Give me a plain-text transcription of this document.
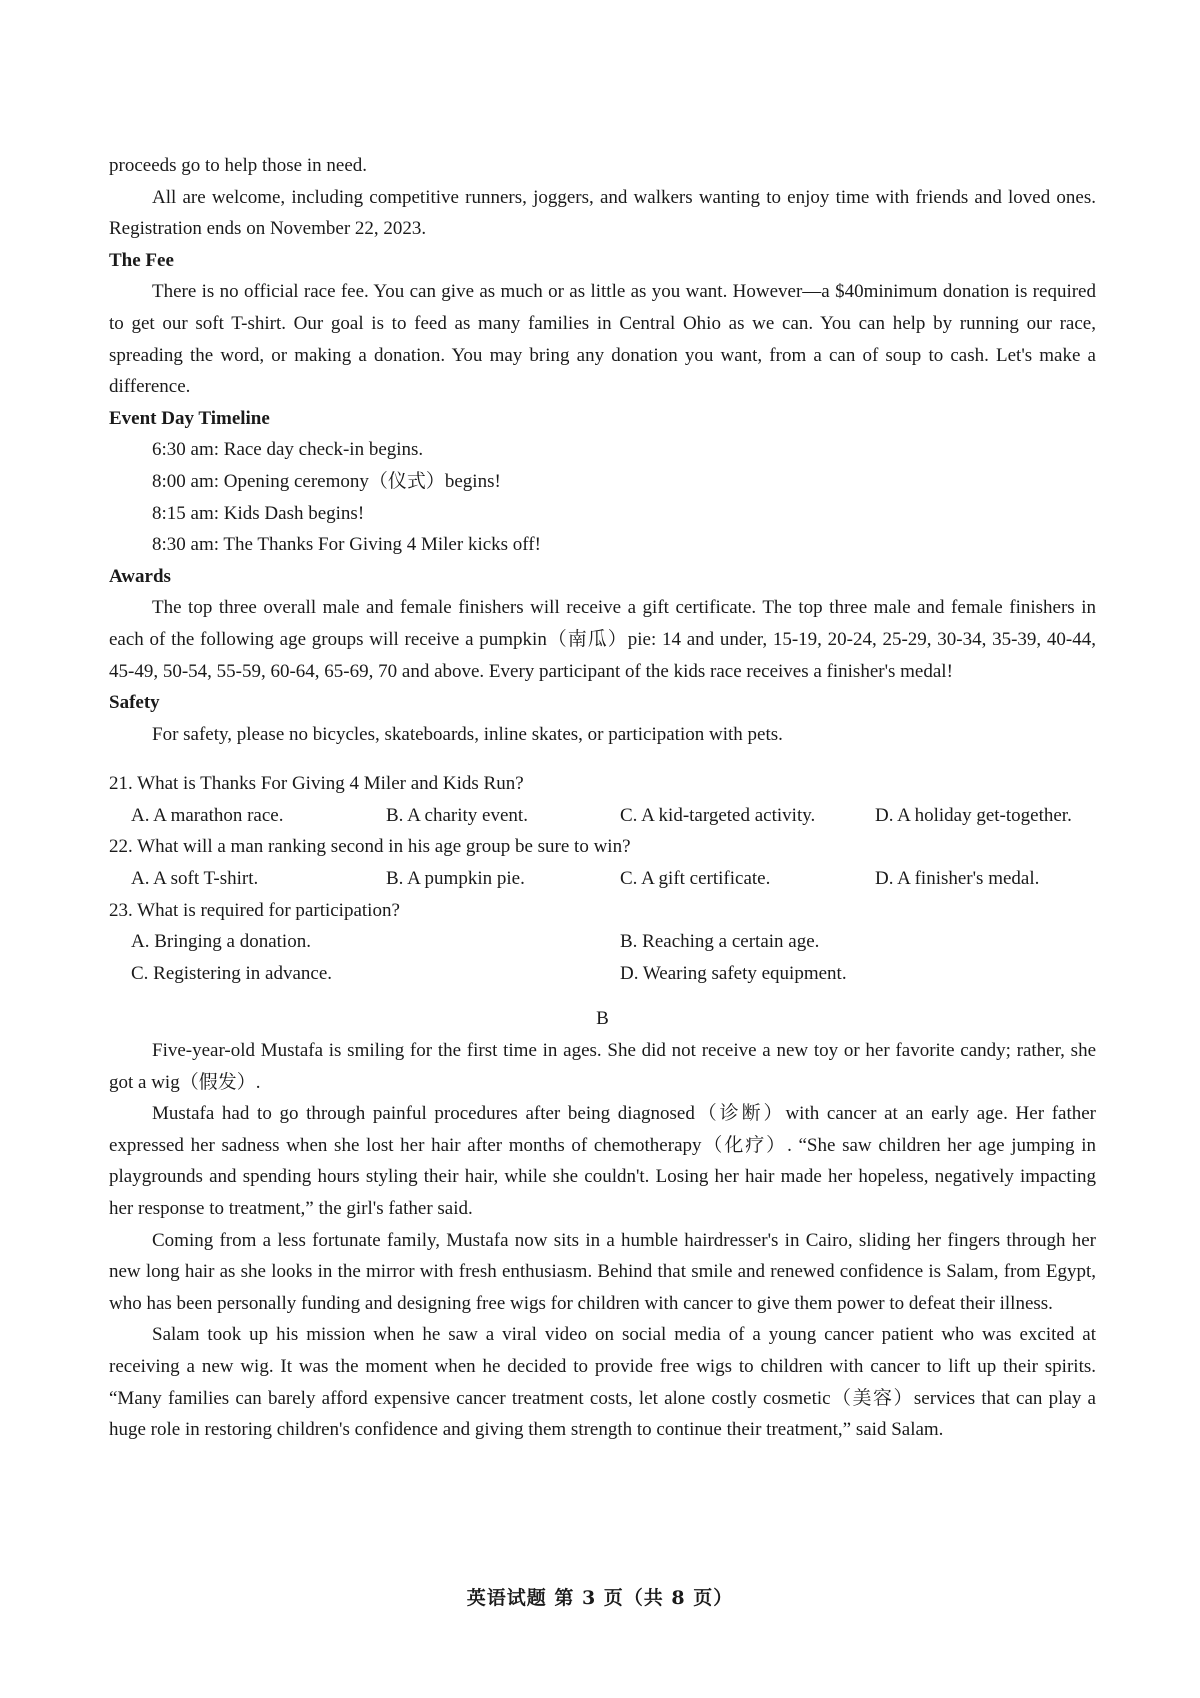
proceeds go to help those in need.

All are welcome, including competitive runners, joggers, and walkers wanting to enjoy time with friends and loved ones. Registration ends on November 22, 2023.

The Fee

There is no official race fee. You can give as much or as little as you want. However—a $40minimum donation is required to get our soft T-shirt. Our goal is to feed as many families in Central Ohio as we can. You can help by running our race, spreading the word, or making a donation. You may bring any donation you want, from a can of soup to cash. Let's make a difference.

Event Day Timeline
6:30 am: Race day check-in begins.
8:00 am: Opening ceremony（仪式）begins!
8:15 am: Kids Dash begins!
8:30 am: The Thanks For Giving 4 Miler kicks off!
Awards

The top three overall male and female finishers will receive a gift certificate. The top three male and female finishers in each of the following age groups will receive a pumpkin（南瓜）pie: 14 and under, 15-19, 20-24, 25-29, 30-34, 35-39, 40-44, 45-49, 50-54, 55-59, 60-64, 65-69, 70 and above. Every participant of the kids race receives a finisher's medal!

Safety

For safety, please no bicycles, skateboards, inline skates, or participation with pets.

21. What is Thanks For Giving 4 Miler and Kids Run?
A. A marathon race.	B. A charity event.	C. A kid-targeted activity.	D. A holiday get-together.
22. What will a man ranking second in his age group be sure to win?
A. A soft T-shirt.	B. A pumpkin pie.	C. A gift certificate.	D. A finisher's medal.
23. What is required for participation?
A. Bringing a donation.	B. Reaching a certain age.
C. Registering in advance.	D. Wearing safety equipment.
B

Five-year-old Mustafa is smiling for the first time in ages. She did not receive a new toy or her favorite candy; rather, she got a wig（假发）.

Mustafa had to go through painful procedures after being diagnosed（诊断）with cancer at an early age. Her father expressed her sadness when she lost her hair after months of chemotherapy（化疗）. “She saw children her age jumping in playgrounds and spending hours styling their hair, while she couldn't. Losing her hair made her hopeless, negatively impacting her response to treatment,” the girl's father said.

Coming from a less fortunate family, Mustafa now sits in a humble hairdresser's in Cairo, sliding her fingers through her new long hair as she looks in the mirror with fresh enthusiasm. Behind that smile and renewed confidence is Salam, from Egypt, who has been personally funding and designing free wigs for children with cancer to give them power to defeat their illness.

Salam took up his mission when he saw a viral video on social media of a young cancer patient who was excited at receiving a new wig. It was the moment when he decided to provide free wigs to children with cancer to lift up their spirits. “Many families can barely afford expensive cancer treatment costs, let alone costly cosmetic（美容）services that can play a huge role in restoring children's confidence and giving them strength to continue their treatment,” said Salam.

英语试题 第 3 页（共 8 页）
